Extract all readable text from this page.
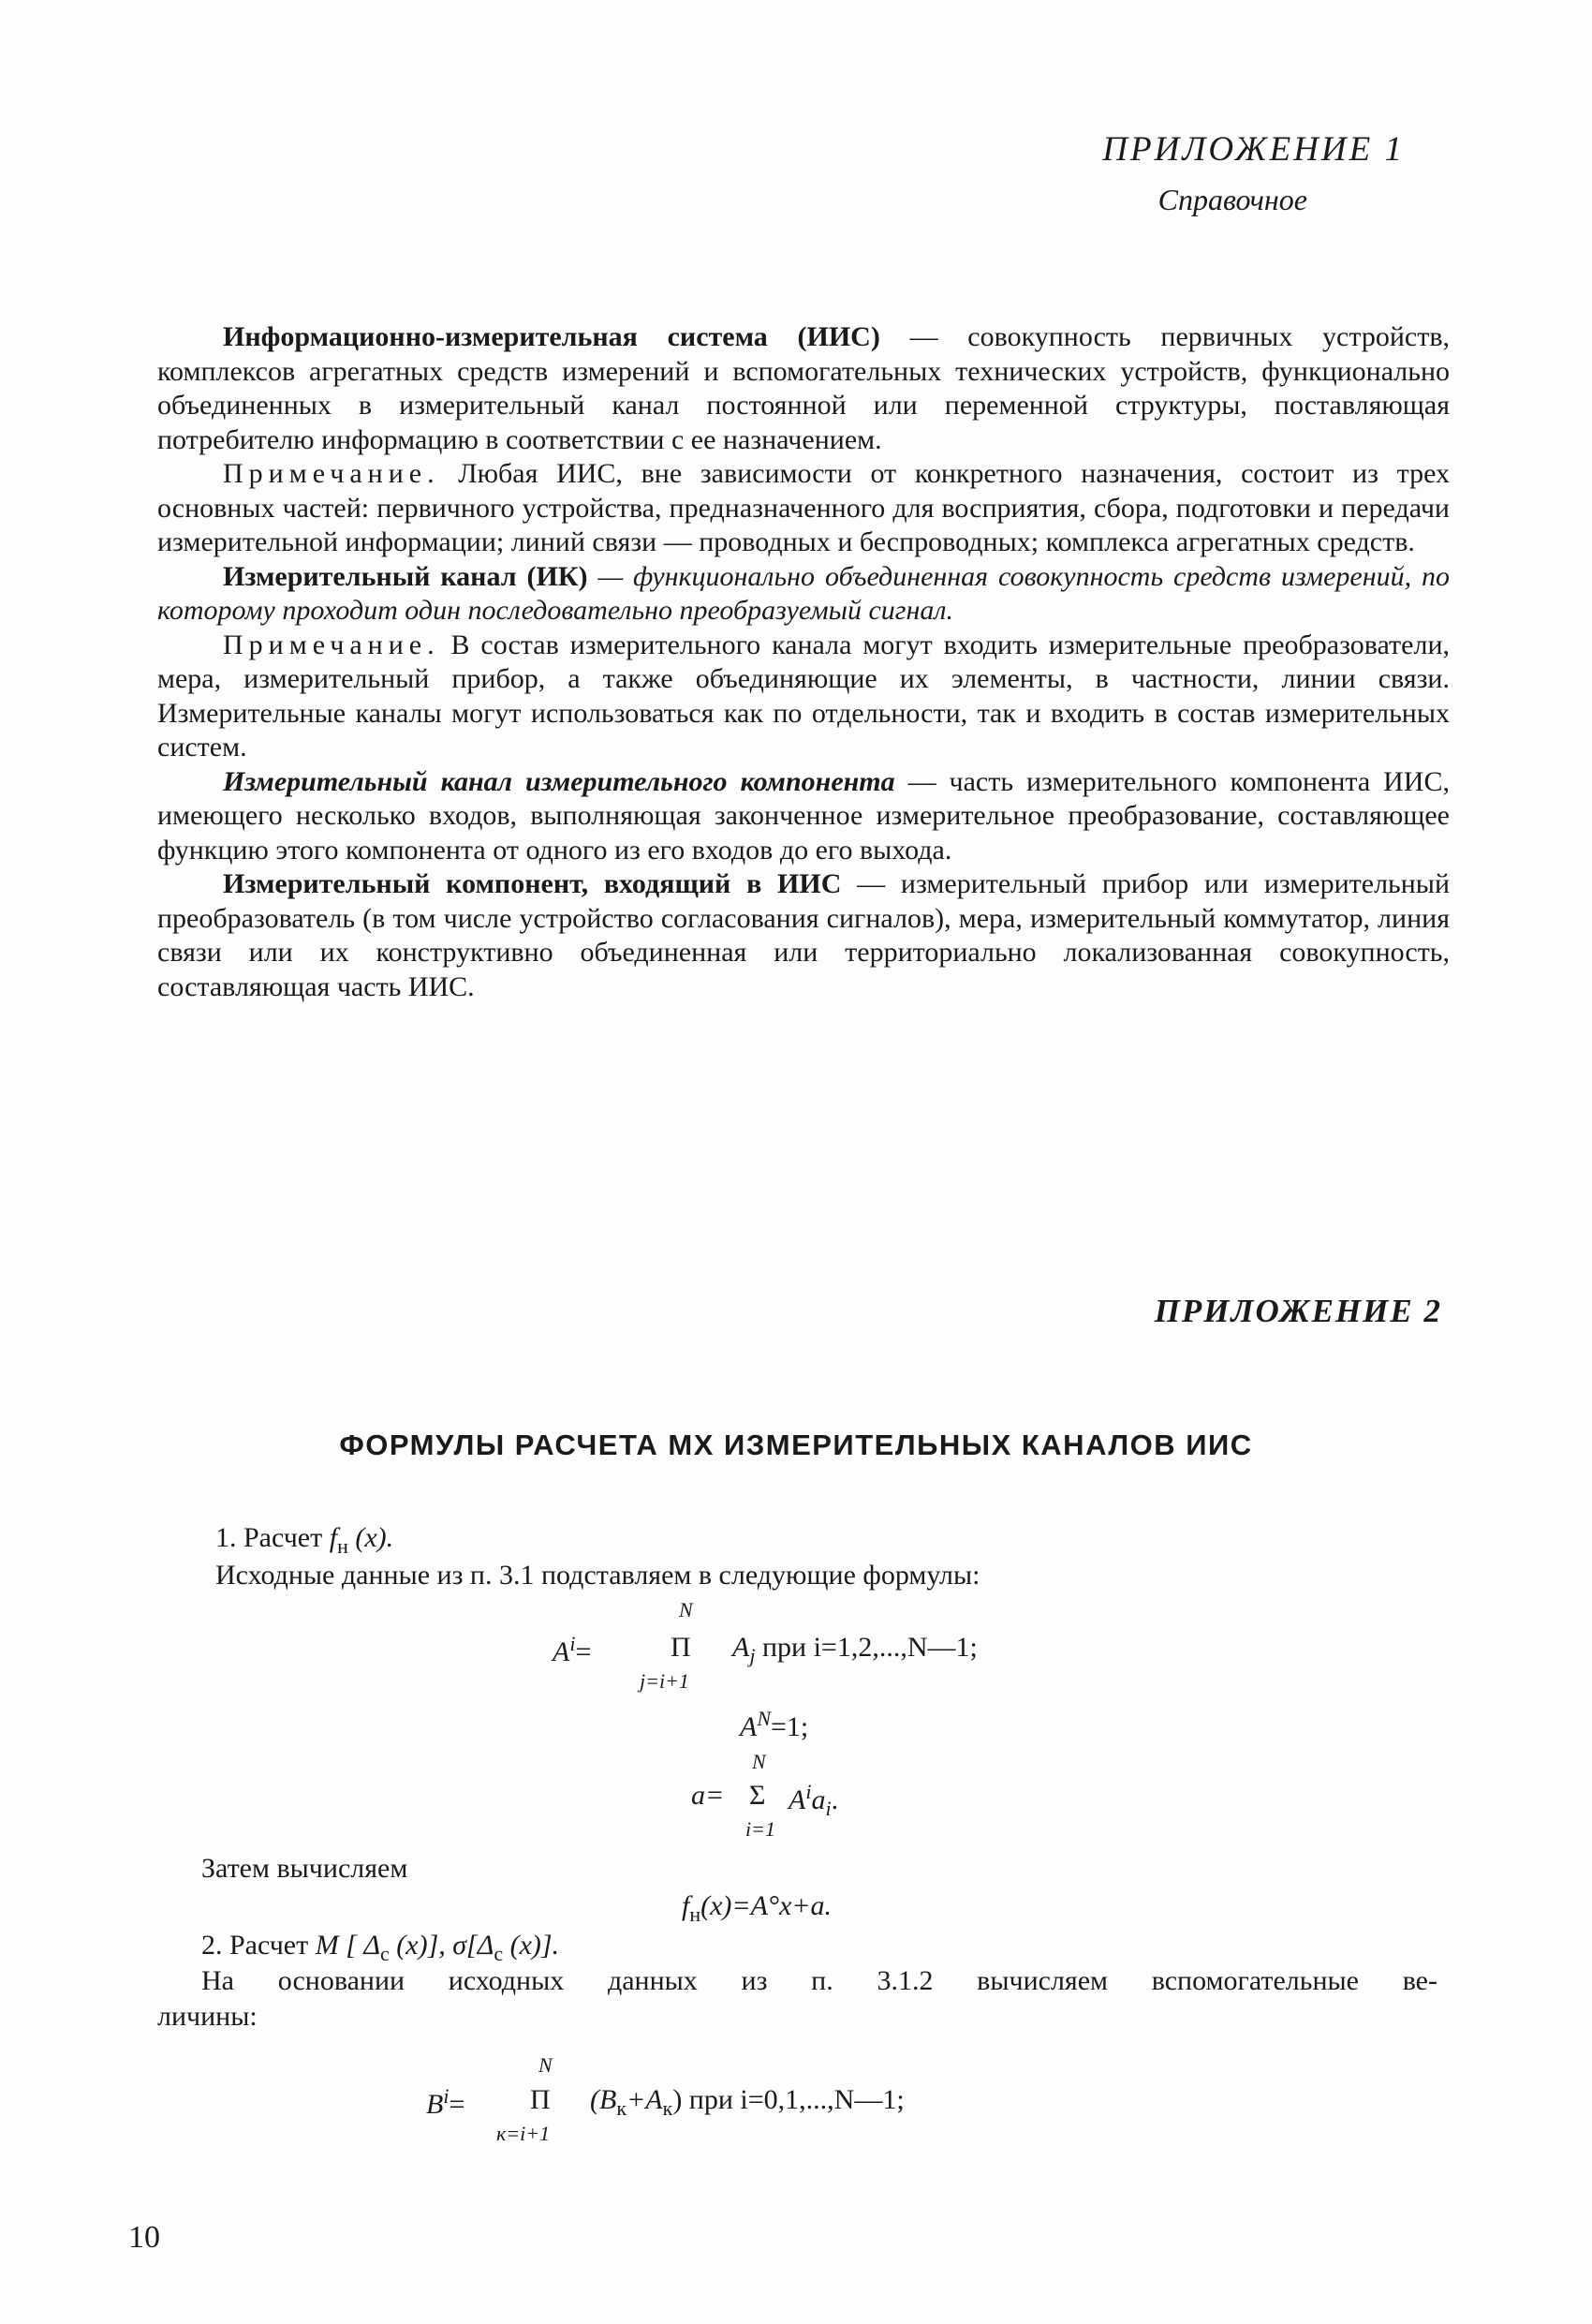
ПРИЛОЖЕНИЕ 1
Справочное

Информационно-измерительная система (ИИС) — совокупность первичных устройств, комплексов агрегатных средств измерений и вспомогательных технических устройств, функционально объединенных в измерительный канал постоянной или переменной структуры, поставляющая потребителю информацию в соответствии с ее назначением.

Примечание. Любая ИИС, вне зависимости от конкретного назначения, состоит из трех основных частей: первичного устройства, предназначенного для восприятия, сбора, подготовки и передачи измерительной информации; линий связи — проводных и беспроводных; комплекса агрегатных средств.

Измерительный канал (ИК) — функционально объединенная совокупность средств измерений, по которому проходит один последовательно преобразуемый сигнал.

Примечание. В состав измерительного канала могут входить измерительные преобразователи, мера, измерительный прибор, а также объединяющие их элементы, в частности, линии связи. Измерительные каналы могут использоваться как по отдельности, так и входить в состав измерительных систем.

Измерительный канал измерительного компонента — часть измерительного компонента ИИС, имеющего несколько входов, выполняющая законченное измерительное преобразование, составляющее функцию этого компонента от одного из его входов до его выхода.

Измерительный компонент, входящий в ИИС — измерительный прибор или измерительный преобразователь (в том числе устройство согласования сигналов), мера, измерительный коммутатор, линия связи или их конструктивно объединенная или территориально локализованная совокупность, составляющая часть ИИС.

ПРИЛОЖЕНИЕ 2
ФОРМУЛЫ РАСЧЕТА МХ ИЗМЕРИТЕЛЬНЫХ КАНАЛОВ ИИС
1. Расчет $f_н$ (x).
Исходные данные из п. 3.1 подставляем в следующие формулы:
$A^i=$
N
Π
j=i+1
$A_j$ при i=1,2,...,N—1;
$A^N=1$;
N
a= Σ
i=1
$A^ia_i$.
Затем вычисляем
$f_н(x)=A^\circ x+a$.
2. Расчет M [ $\Delta_с$ (x)], $\sigma[\Delta_с$ (x)].
На основании исходных данных из п. 3.1.2 вычисляем вспомогательные ве-
личины:
N
$B^i= \Pi$
к=i+1
$(B_к+A_к)$ при i=0,1,...,N—1;
10
